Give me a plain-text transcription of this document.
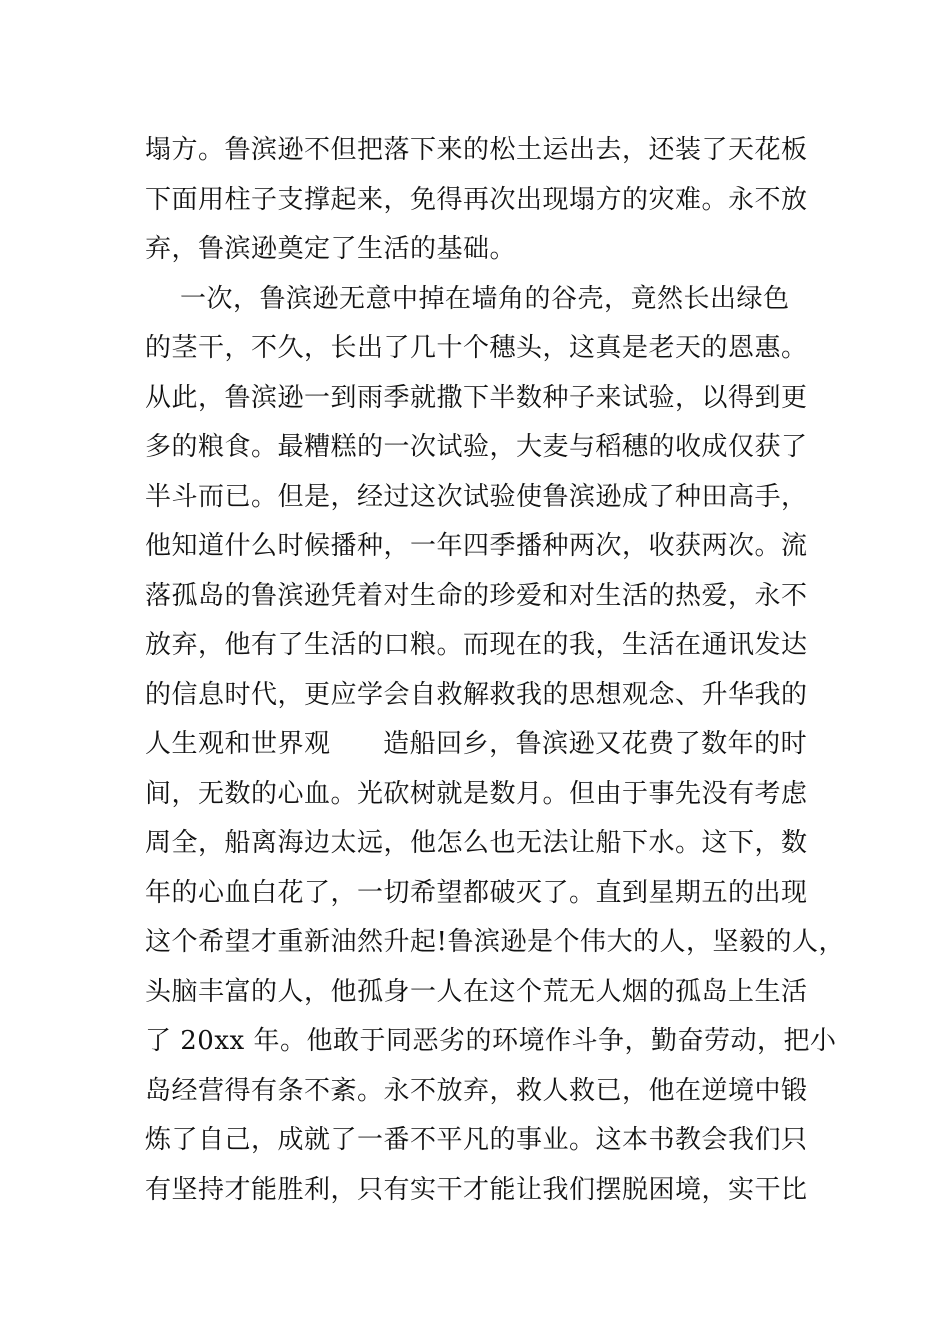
塌方。鲁滨逊不但把落下来的松土运出去，还装了天花板
下面用柱子支撑起来，免得再次出现塌方的灾难。永不放
弃，鲁滨逊奠定了生活的基础。
一次，鲁滨逊无意中掉在墙角的谷壳，竟然长出绿色
的茎干，不久，长出了几十个穗头，这真是老天的恩惠。
从此，鲁滨逊一到雨季就撒下半数种子来试验，以得到更
多的粮食。最糟糕的一次试验，大麦与稻穗的收成仅获了
半斗而已。但是，经过这次试验使鲁滨逊成了种田高手，
他知道什么时候播种，一年四季播种两次，收获两次。流
落孤岛的鲁滨逊凭着对生命的珍爱和对生活的热爱，永不
放弃，他有了生活的口粮。而现在的我，生活在通讯发达
的信息时代，更应学会自救解救我的思想观念、升华我的
人生观和世界观      造船回乡，鲁滨逊又花费了数年的时
间，无数的心血。光砍树就是数月。但由于事先没有考虑
周全，船离海边太远，他怎么也无法让船下水。这下，数
年的心血白花了，一切希望都破灭了。直到星期五的出现
这个希望才重新油然升起!鲁滨逊是个伟大的人，坚毅的人，
头脑丰富的人，他孤身一人在这个荒无人烟的孤岛上生活
了 20xx 年。他敢于同恶劣的环境作斗争，勤奋劳动，把小
岛经营得有条不紊。永不放弃，救人救已，他在逆境中锻
炼了自己，成就了一番不平凡的事业。这本书教会我们只
有坚持才能胜利，只有实干才能让我们摆脱困境，实干比
